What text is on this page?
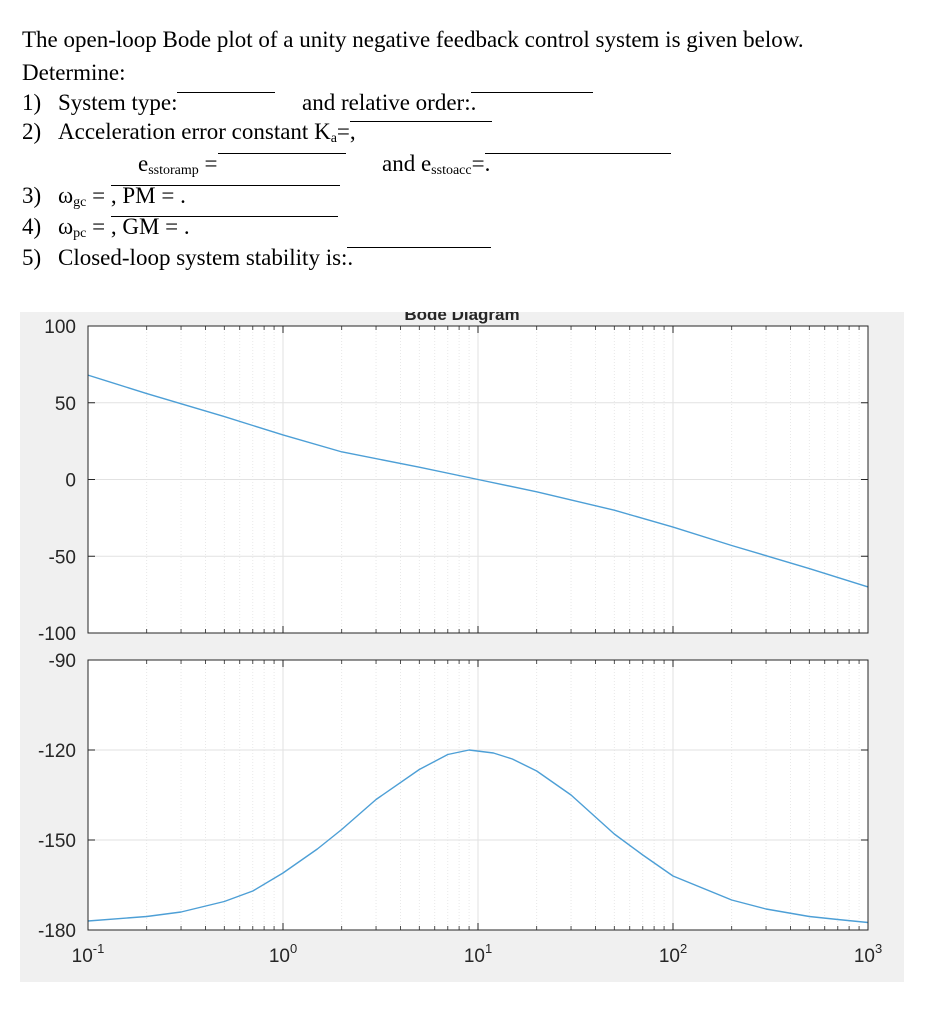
The open-loop Bode plot of a unity negative feedback control system is given below.
Determine:
1) System type:	and relative order:
.
2) Acceleration error constant $K_a=$
,
$e_{sstoramp}$ =	and $e_{sstoacc}=$
.
3) $\omega_{gc}$ = , PM = .
4) $\omega_{pc}$ = , GM = .
5) Closed-loop system stability is:
.
Bode Diagram
100
50
0
-50
-100
-90
-120
-150
-180
$10^{-1}$	$10^0$	$10^1$	$10^2$	$10^3$
